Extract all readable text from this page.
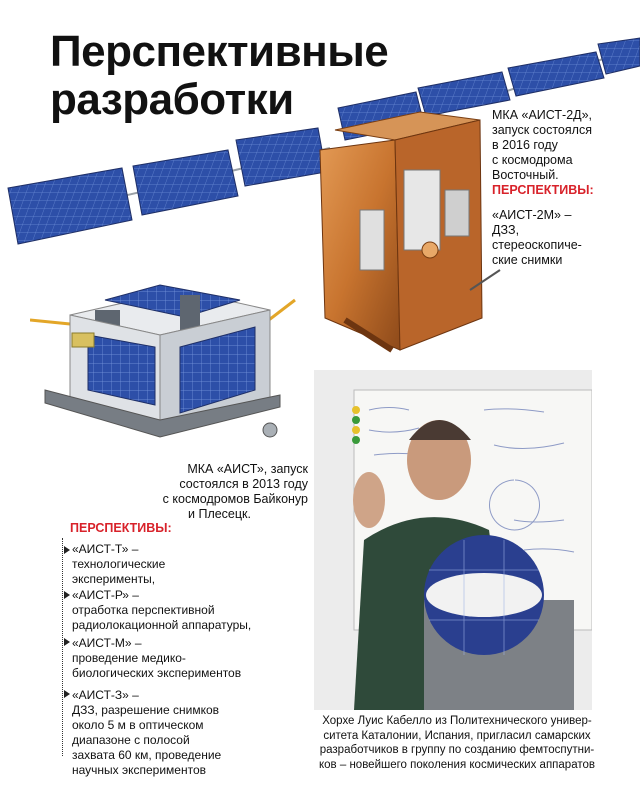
Перспективные разработки	МКА «АИСТ-2Д»,
запуск состоялся
в 2016 году
с космодрома
Восточный.
ПЕРСПЕКТИВЫ:
«АИСТ-2М» –
ДЗЗ,
стереоскопиче-
ские снимки
МКА «АИСТ», запуск
состоялся в 2013 году
с космодромов Байконур
и Плесецк.
ПЕРСПЕКТИВЫ:
«АИСТ-Т» –
технологические
эксперименты,
«АИСТ-Р» –
отработка перспективной
радиолокационной аппаратуры,
«АИСТ-М» –
проведение медико-
биологических экспериментов
«АИСТ-З» –
ДЗЗ, разрешение снимков
около 5 м в оптическом
диапазоне с полосой
захвата 60 км, проведение
научных экспериментов
Хорхе Луис Кабелло из Политехнического универ-
ситета Каталонии, Испания, пригласил самарских
разработчиков в группу по созданию фемтоспутни-
ков – новейшего поколения космических аппаратов
